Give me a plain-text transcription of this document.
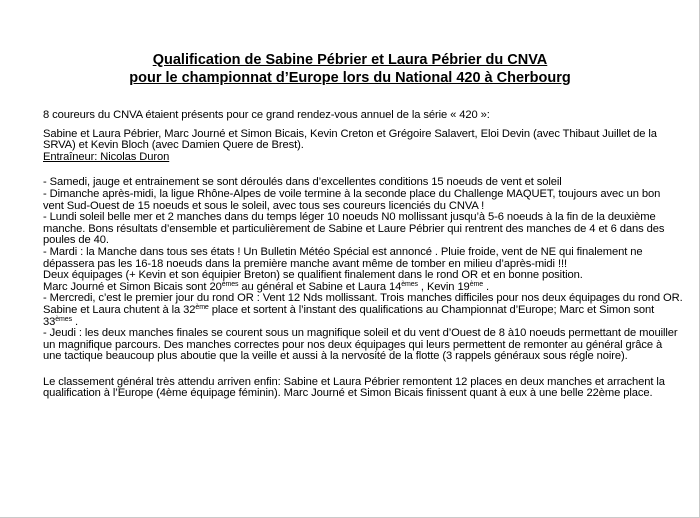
Qualification de Sabine Pébrier et Laura Pébrier du CNVA
pour le championnat d’Europe lors du National 420 à Cherbourg

8 coureurs du CNVA étaient présents pour ce grand rendez-vous annuel de la série « 420 »:

Sabine et Laura Pébrier, Marc Journé et Simon Bicais, Kevin Creton et Grégoire Salavert, Eloi Devin (avec Thibaut Juillet de la SRVA) et Kevin Bloch (avec Damien Quere de Brest).

Entraîneur: Nicolas Duron

- Samedi, jauge et entrainement se sont déroulés dans d’excellentes conditions 15 noeuds de vent et soleil

- Dimanche après-midi, la ligue Rhône-Alpes de voile termine à la seconde place du Challenge MAQUET, toujours avec un bon vent Sud-Ouest de 15 noeuds et sous le soleil, avec tous ses coureurs licenciés du CNVA !

- Lundi soleil belle mer et 2 manches dans du temps léger 10 noeuds N0 mollissant jusqu’à 5-6 noeuds à la fin de la deuxième manche. Bons résultats d’ensemble et particulièrement de Sabine et Laure Pébrier qui rentrent des manches de 4 et 6 dans des poules de 40.

- Mardi : la Manche dans tous ses états ! Un Bulletin Météo Spécial est annoncé . Pluie froide, vent de NE qui finalement ne dépassera pas les 16-18 noeuds dans la première manche avant même de tomber en milieu d’après-midi !!!

Deux équipages (+ Kevin et son équipier Breton) se qualifient finalement dans le rond OR et en bonne position.

Marc Journé et Simon Bicais sont 20èmes au général et Sabine et Laura 14èmes , Kevin 19ème .

- Mercredi, c’est le premier jour du rond OR : Vent 12 Nds mollissant. Trois manches difficiles pour nos deux équipages du rond OR. Sabine et Laura chutent à la 32ème place et sortent à l’instant des qualifications au Championnat d’Europe; Marc et Simon sont 33èmes .

- Jeudi : les deux manches finales se courent sous un magnifique soleil et du vent d’Ouest de 8 à10 noeuds permettant de mouiller un magnifique parcours. Des manches correctes pour nos deux équipages qui leurs permettent de remonter au général grâce à une tactique beaucoup plus aboutie que la veille et aussi à la nervosité de la flotte (3 rappels généraux sous régle noire).

Le classement général très attendu arriven enfin: Sabine et Laura Pébrier remontent 12 places en deux manches et arrachent la qualification à l’Europe (4ème équipage féminin). Marc Journé et Simon Bicais finissent quant à eux à une belle 22ème place.
